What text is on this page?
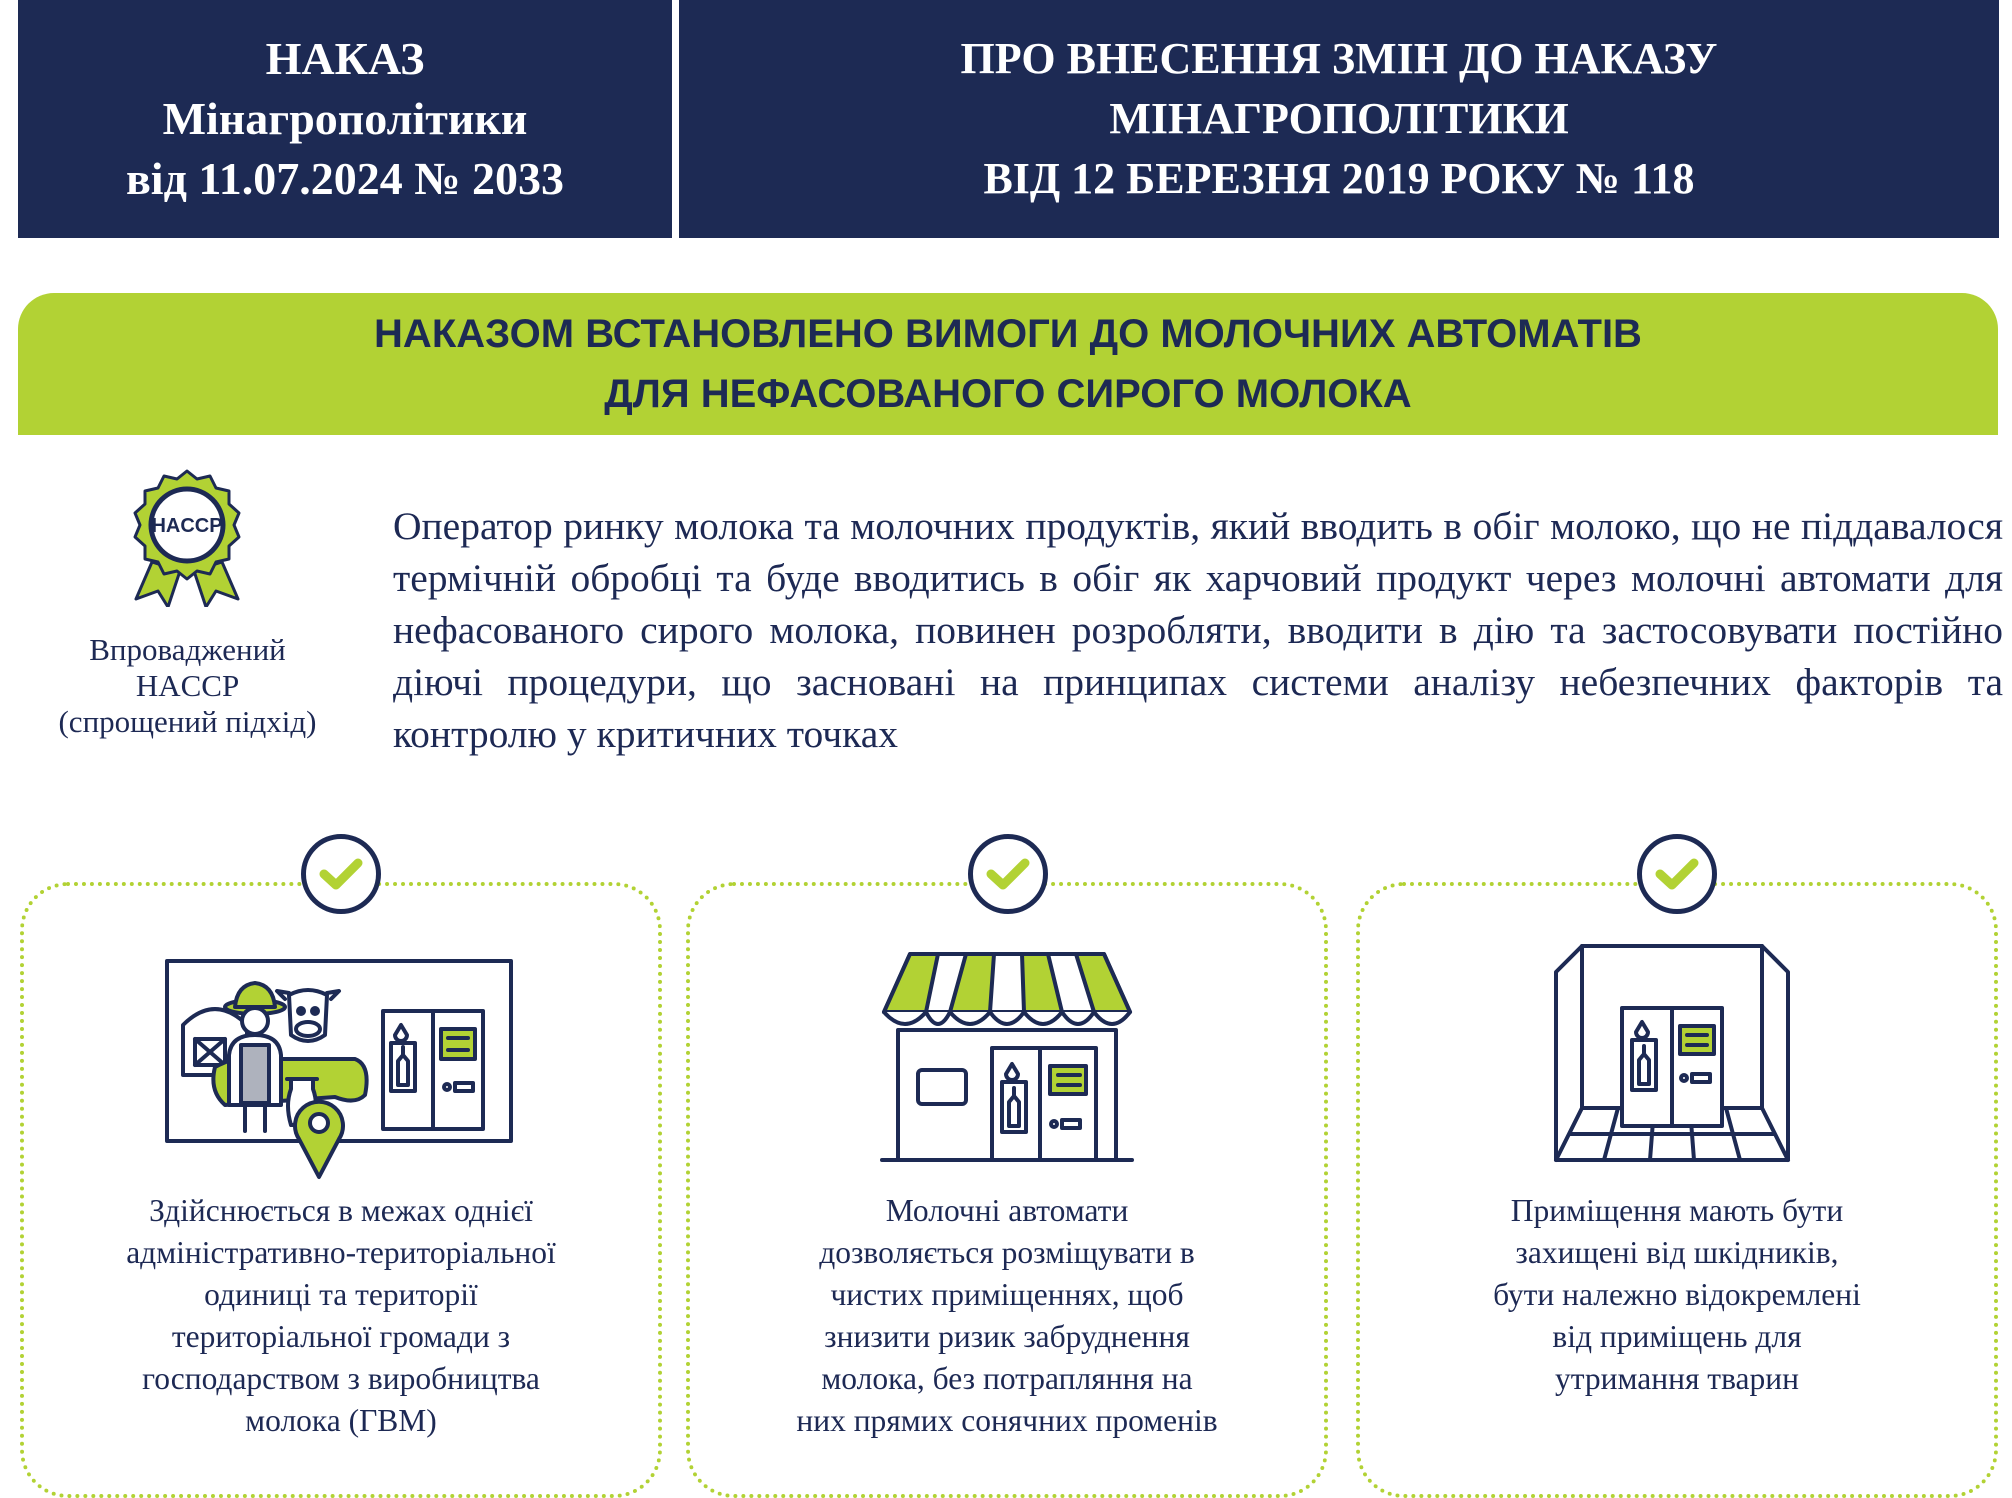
НАКАЗ
Мінагрополітики
від 11.07.2024 № 2033
ПРО ВНЕСЕННЯ ЗМІН ДО НАКАЗУ
МІНАГРОПОЛІТИКИ
ВІД 12 БЕРЕЗНЯ 2019 РОКУ № 118
НАКАЗОМ ВСТАНОВЛЕНО ВИМОГИ ДО МОЛОЧНИХ АВТОМАТІВ
ДЛЯ НЕФАСОВАНОГО СИРОГО МОЛОКА
HACCP
Впроваджений
HACCP
(спрощений підхід)
Оператор ринку молока та молочних продуктів, який вводить в обіг молоко, що не піддавалося термічній обробці та буде вводитись в обіг як харчовий продукт через молочні автомати для нефасованого сирого молока, повинен розробляти, вводити в дію та застосовувати постійно діючі процедури, що засновані на принципах системи аналізу небезпечних факторів та контролю у критичних точках
Здійснюється в межах однієї
адміністративно-територіальної
одиниці та території
територіальної громади з
господарством з виробництва
молока (ГВМ)
Молочні автомати
дозволяється розміщувати в
чистих приміщеннях, щоб
знизити ризик забруднення
молока, без потрапляння на
них прямих сонячних променів
Приміщення мають бути
захищені від шкідників,
бути належно відокремлені
від приміщень для
утримання тварин
